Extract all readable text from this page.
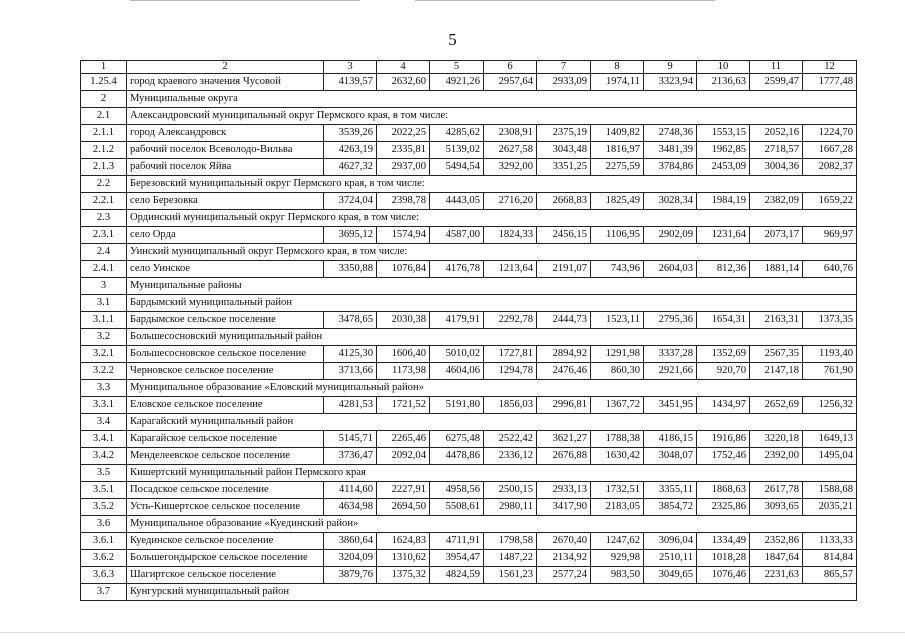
5
1	2	3	4	5	6	7	8	9	10	11	12
1.25.4	город краевого значения Чусовой	4139,57	2632,60	4921,26	2957,64	2933,09	1974,11	3323,94	2136,63	2599,47	1777,48
2	Муниципальные округа										
2.1	Александровский муниципальный округ Пермского края, в том числе:										
2.1.1	город Александровск	3539,26	2022,25	4285,62	2308,91	2375,19	1409,82	2748,36	1553,15	2052,16	1224,70
2.1.2	рабочий поселок Всеволодо-Вильва	4263,19	2335,81	5139,02	2627,58	3043,48	1816,97	3481,39	1962,85	2718,57	1667,28
2.1.3	рабочий поселок Яйва	4627,32	2937,00	5494,54	3292,00	3351,25	2275,59	3784,86	2453,09	3004,36	2082,37
2.2	Березовский муниципальный округ Пермского края, в том числе:										
2.2.1	село Березовка	3724,04	2398,78	4443,05	2716,20	2668,83	1825,49	3028,34	1984,19	2382,09	1659,22
2.3	Ординский муниципальный округ Пермского края, в том числе:										
2.3.1	село Орда	3695,12	1574,94	4587,00	1824,33	2456,15	1106,95	2902,09	1231,64	2073,17	969,97
2.4	Уинский муниципальный округ Пермского края, в том числе:										
2.4.1	село Уинское	3350,88	1076,84	4176,78	1213,64	2191,07	743,96	2604,03	812,36	1881,14	640,76
3	Муниципальные районы										
3.1	Бардымский муниципальный район										
3.1.1	Бардымское сельское поселение	3478,65	2030,38	4179,91	2292,78	2444,73	1523,11	2795,36	1654,31	2163,31	1373,35
3.2	Большесосновский муниципальный район										
3.2.1	Большесосновское сельское поселение	4125,30	1606,40	5010,02	1727,81	2894,92	1291,98	3337,28	1352,69	2567,35	1193,40
3.2.2	Черновское сельское поселение	3713,66	1173,98	4604,06	1294,78	2476,46	860,30	2921,66	920,70	2147,18	761,90
3.3	Муниципальное образование «Еловский муниципальный район»										
3.3.1	Еловское сельское поселение	4281,53	1721,52	5191,80	1856,03	2996,81	1367,72	3451,95	1434,97	2652,69	1256,32
3.4	Карагайский муниципальный район										
3.4.1	Карагайское сельское поселение	5145,71	2265,46	6275,48	2522,42	3621,27	1788,38	4186,15	1916,86	3220,18	1649,13
3.4.2	Менделеевское сельское поселение	3736,47	2092,04	4478,86	2336,12	2676,88	1630,42	3048,07	1752,46	2392,00	1495,04
3.5	Кишертский муниципальный район Пермского края										
3.5.1	Посадское сельское поселение	4114,60	2227,91	4958,56	2500,15	2933,13	1732,51	3355,11	1868,63	2617,78	1588,68
3.5.2	Усть-Кишертское сельское поселение	4634,98	2694,50	5508,61	2980,11	3417,90	2183,05	3854,72	2325,86	3093,65	2035,21
3.6	Муниципальное образование «Куединский район»										
3.6.1	Куединское сельское поселение	3860,64	1624,83	4711,91	1798,58	2670,40	1247,62	3096,04	1334,49	2352,86	1133,33
3.6.2	Большегондырское сельское поселение	3204,09	1310,62	3954,47	1487,22	2134,92	929,98	2510,11	1018,28	1847,64	814,84
3.6.3	Шагиртское сельское поселение	3879,76	1375,32	4824,59	1561,23	2577,24	983,50	3049,65	1076,46	2231,63	865,57
3.7	Кунгурский муниципальный район										
